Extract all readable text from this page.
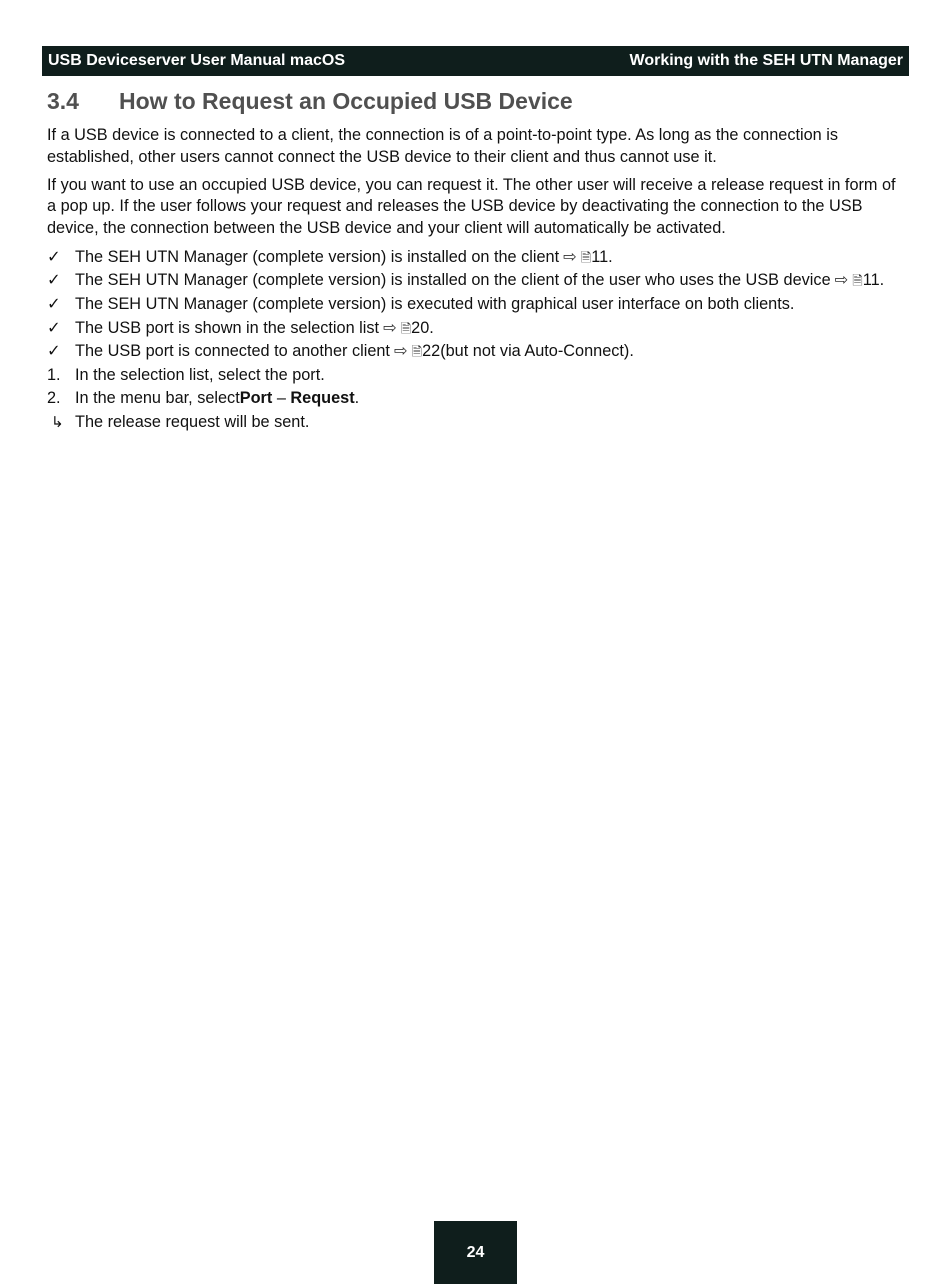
USB Deviceserver User Manual macOS	Working with the SEH UTN Manager
3.4	How to Request an Occupied USB Device

If a USB device is connected to a client, the connection is of a point-to-point type. As long as the connection is established, other users cannot connect the USB device to their client and thus cannot use it.

If you want to use an occupied USB device, you can request it. The other user will receive a release request in form of a pop up. If the user follows your request and releases the USB device by deactivating the connection to the USB device, the connection between the USB device and your client will automatically be activated.

✓ The SEH UTN Manager (complete version) is installed on the client ⇨ 🗎 11 .
✓ The SEH UTN Manager (complete version) is installed on the client of the user who uses the USB device ⇨ 🗎 11 .
✓ The SEH UTN Manager (complete version) is executed with graphical user interface on both clients.
✓ The USB port is shown in the selection list ⇨ 🗎 20 .
✓ The USB port is connected to another client ⇨ 🗎 22 (but not via Auto-Connect).
1. In the selection list, select the port.
2. In the menu bar, select Port – Request .
↳ The release request will be sent.
24
